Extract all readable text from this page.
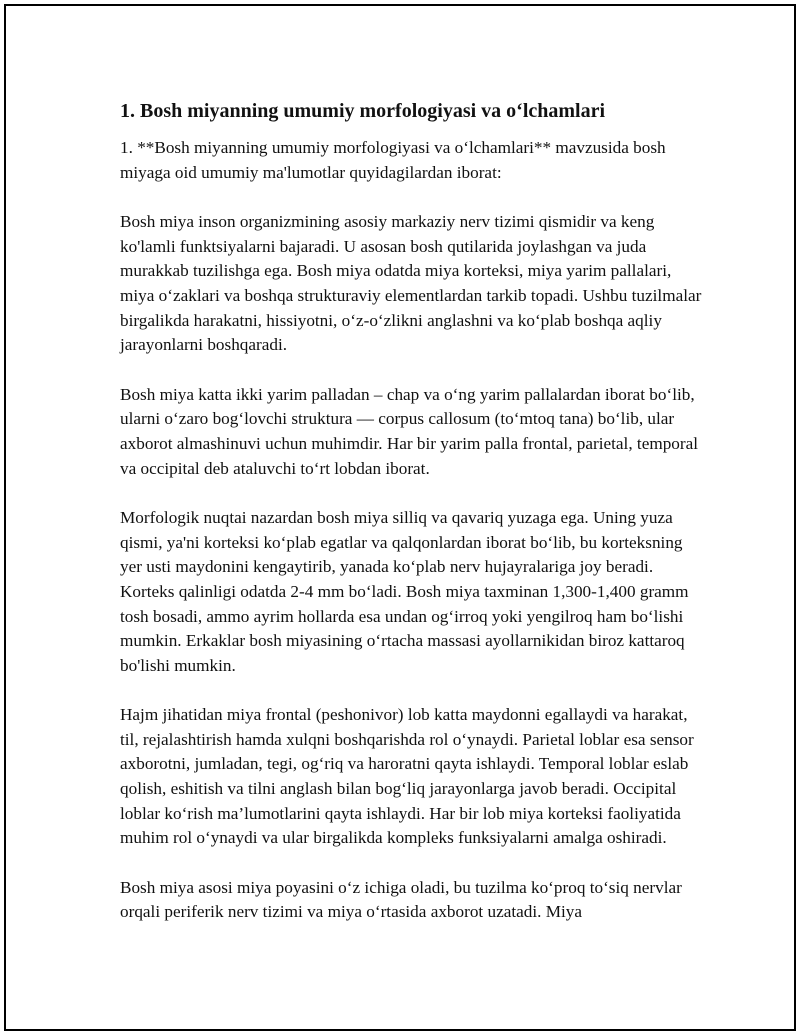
1. Bosh miyanning umumiy morfologiyasi va o‘lchamlari

1. **Bosh miyanning umumiy morfologiyasi va o‘lchamlari** mavzusida bosh miyaga oid umumiy ma'lumotlar quyidagilardan iborat:

Bosh miya inson organizmining asosiy markaziy nerv tizimi qismidir va keng ko'lamli funktsiyalarni bajaradi. U asosan bosh qutilarida joylashgan va juda murakkab tuzilishga ega. Bosh miya odatda miya korteksi, miya yarim pallalari, miya o‘zaklari va boshqa strukturaviy elementlardan tarkib topadi. Ushbu tuzilmalar birgalikda harakatni, hissiyotni, o‘z-o‘zlikni anglashni va ko‘plab boshqa aqliy jarayonlarni boshqaradi.

Bosh miya katta ikki yarim palladan – chap va o‘ng yarim pallalardan iborat bo‘lib, ularni o‘zaro bog‘lovchi struktura — corpus callosum (to‘mtoq tana) bo‘lib, ular axborot almashinuvi uchun muhimdir. Har bir yarim palla frontal, parietal, temporal va occipital deb ataluvchi to‘rt lobdan iborat.

Morfologik nuqtai nazardan bosh miya silliq va qavariq yuzaga ega. Uning yuza qismi, ya'ni korteksi ko‘plab egatlar va qalqonlardan iborat bo‘lib, bu korteksning yer usti maydonini kengaytirib, yanada ko‘plab nerv hujayralariga joy beradi. Korteks qalinligi odatda 2-4 mm bo‘ladi. Bosh miya taxminan 1,300-1,400 gramm tosh bosadi, ammo ayrim hollarda esa undan og‘irroq yoki yengilroq ham bo‘lishi mumkin. Erkaklar bosh miyasining o‘rtacha massasi ayollarnikidan biroz kattaroq bo'lishi mumkin.

Hajm jihatidan miya frontal (peshonivor) lob katta maydonni egallaydi va harakat, til, rejalashtirish hamda xulqni boshqarishda rol o‘ynaydi. Parietal loblar esa sensor axborotni, jumladan, tegi, og‘riq va haroratni qayta ishlaydi. Temporal loblar eslab qolish, eshitish va tilni anglash bilan bog‘liq jarayonlarga javob beradi. Occipital loblar ko‘rish ma’lumotlarini qayta ishlaydi. Har bir lob miya korteksi faoliyatida muhim rol o‘ynaydi va ular birgalikda kompleks funksiyalarni amalga oshiradi.

Bosh miya asosi miya poyasini o‘z ichiga oladi, bu tuzilma ko‘proq to‘siq nervlar orqali periferik nerv tizimi va miya o‘rtasida axborot uzatadi. Miya
